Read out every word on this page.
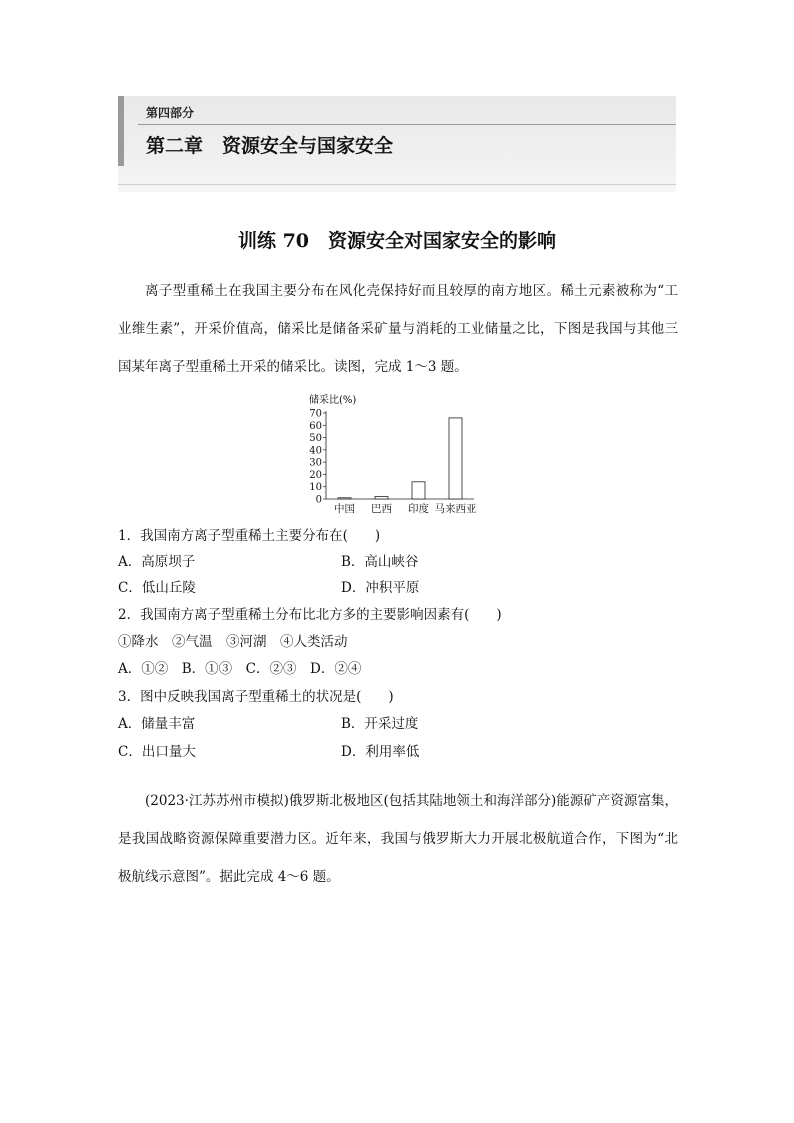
第四部分
第二章　资源安全与国家安全
训练 70　资源安全对国家安全的影响
离子型重稀土在我国主要分布在风化壳保持好而且较厚的南方地区。稀土元素被称为“工业维生素”，开采价值高，储采比是储备采矿量与消耗的工业储量之比，下图是我国与其他三国某年离子型重稀土开采的储采比。读图，完成 1～3 题。
储采比(%)
0
10
20
30
40
50
60
70
中国 巴西 印度 马来西亚
1．我国南方离子型重稀土主要分布在(　　)
A．高原坝子	B．高山峡谷
C．低山丘陵	D．冲积平原
2．我国南方离子型重稀土分布比北方多的主要影响因素有(　　)
①降水　②气温　③河湖　④人类活动
A．①②　B．①③　C．②③　D．②④
3．图中反映我国离子型重稀土的状况是(　　)
A．储量丰富	B．开采过度
C．出口量大	D．利用率低
(2023·江苏苏州市模拟)俄罗斯北极地区(包括其陆地领土和海洋部分)能源矿产资源富集，是我国战略资源保障重要潜力区。近年来，我国与俄罗斯大力开展北极航道合作，下图为“北极航线示意图”。据此完成 4～6 题。
